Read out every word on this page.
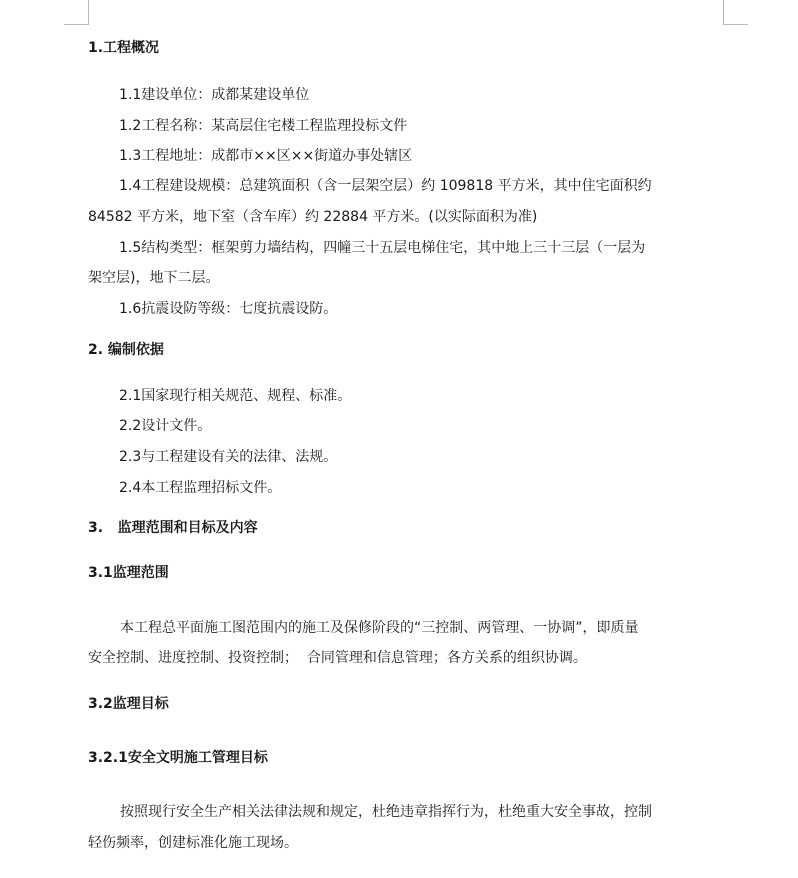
1.工程概况
1.1建设单位：成都某建设单位
1.2工程名称：某高层住宅楼工程监理投标文件
1.3工程地址：成都市××区××街道办事处辖区
1.4工程建设规模：总建筑面积（含一层架空层）约 109818 平方米，其中住宅面积约
84582 平方米，地下室（含车库）约 22884 平方米。(以实际面积为准)
1.5结构类型：框架剪力墙结构，四幢三十五层电梯住宅，其中地上三十三层（一层为
架空层)，地下二层。
1.6抗震设防等级：七度抗震设防。
2. 编制依据
2.1国家现行相关规范、规程、标准。
2.2设计文件。
2.3与工程建设有关的法律、法规。
2.4本工程监理招标文件。
3.   监理范围和目标及内容
3.1监理范围
本工程总平面施工图范围内的施工及保修阶段的“三控制、两管理、一协调”，即质量
安全控制、进度控制、投资控制；  合同管理和信息管理；各方关系的组织协调。
3.2监理目标
3.2.1安全文明施工管理目标
按照现行安全生产相关法律法规和规定，杜绝违章指挥行为，杜绝重大安全事故，控制
轻伤频率，创建标准化施工现场。
